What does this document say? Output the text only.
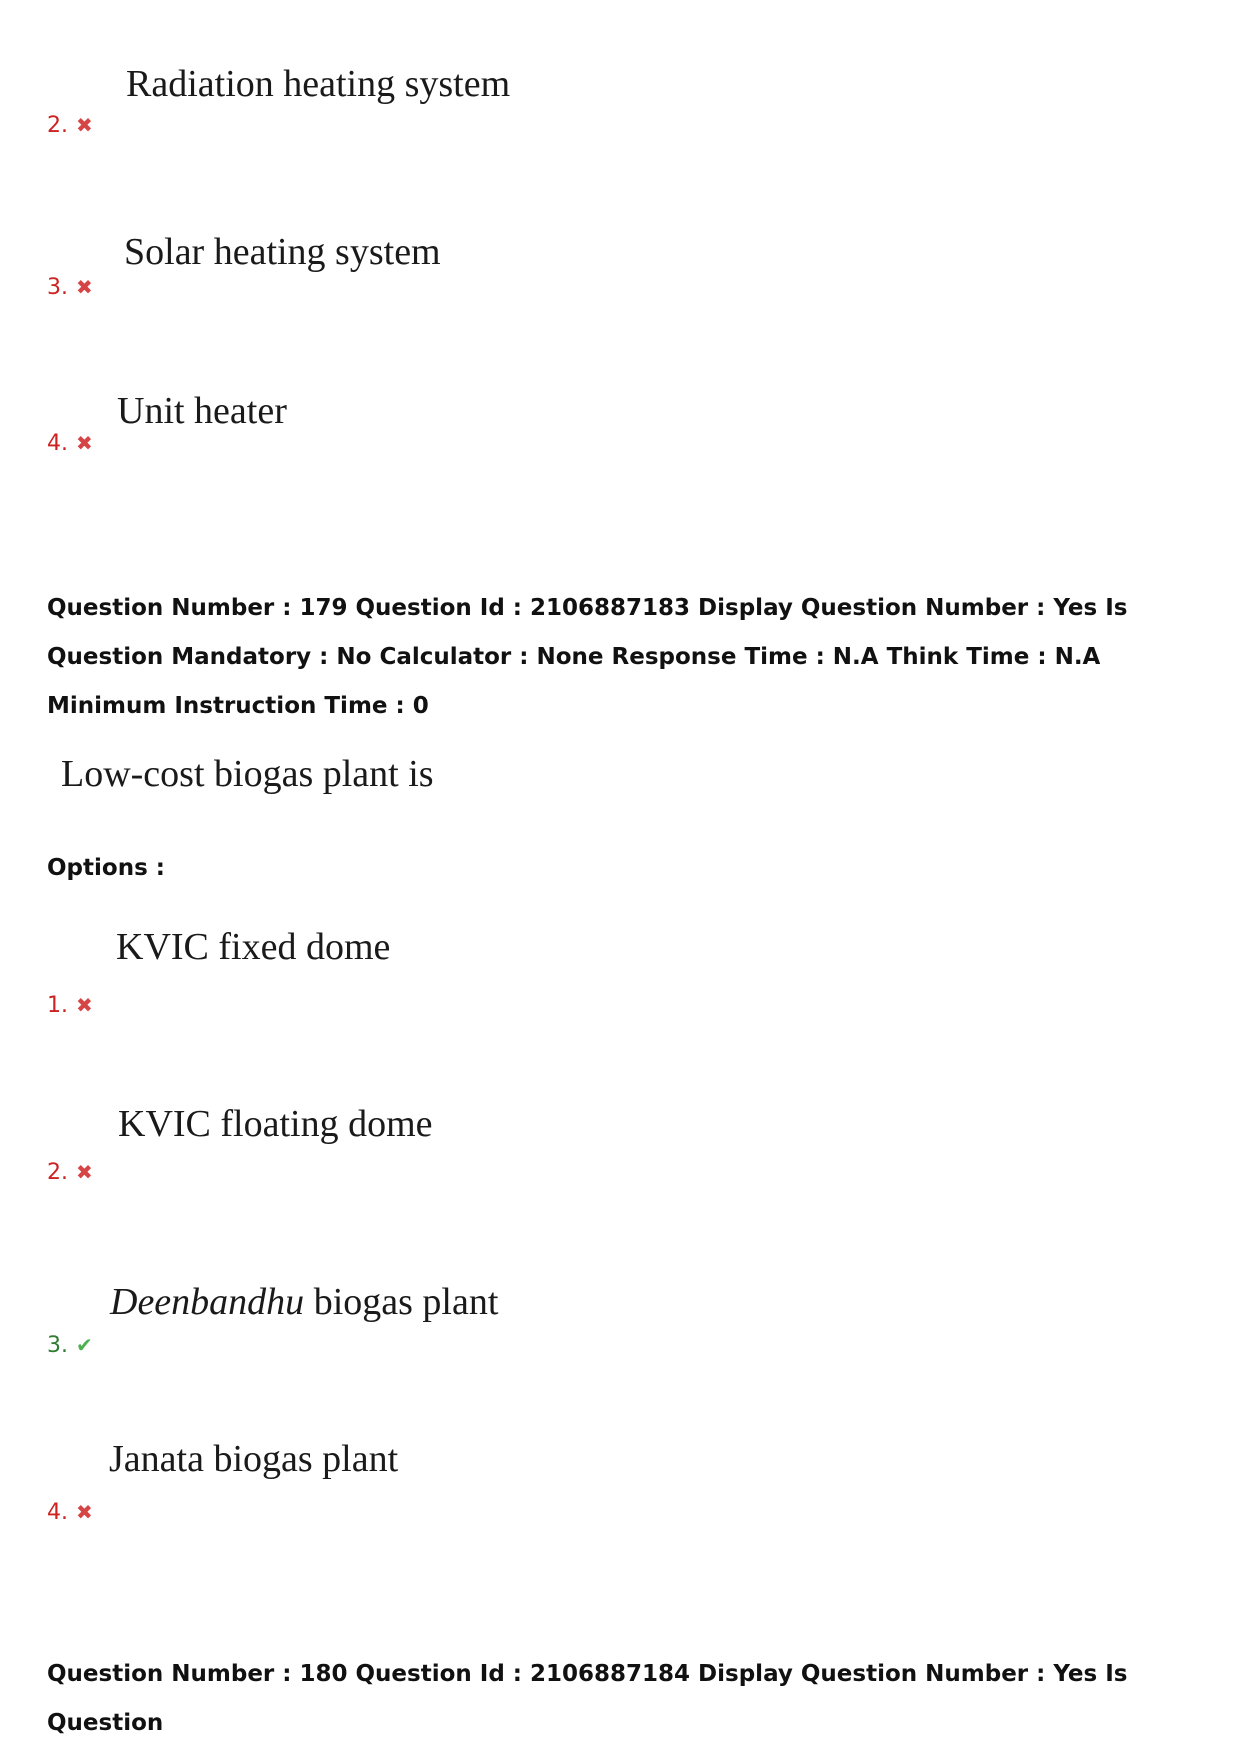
Radiation heating system
2. ✖
Solar heating system
3. ✖
Unit heater
4. ✖
Question Number : 179 Question Id : 2106887183 Display Question Number : Yes Is Question Mandatory : No Calculator : None Response Time : N.A Think Time : N.A Minimum Instruction Time : 0
Low-cost biogas plant is
Options :
KVIC fixed dome
1. ✖
KVIC floating dome
2. ✖
Deenbandhu biogas plant
3. ✔
Janata biogas plant
4. ✖
Question Number : 180 Question Id : 2106887184 Display Question Number : Yes Is Question
